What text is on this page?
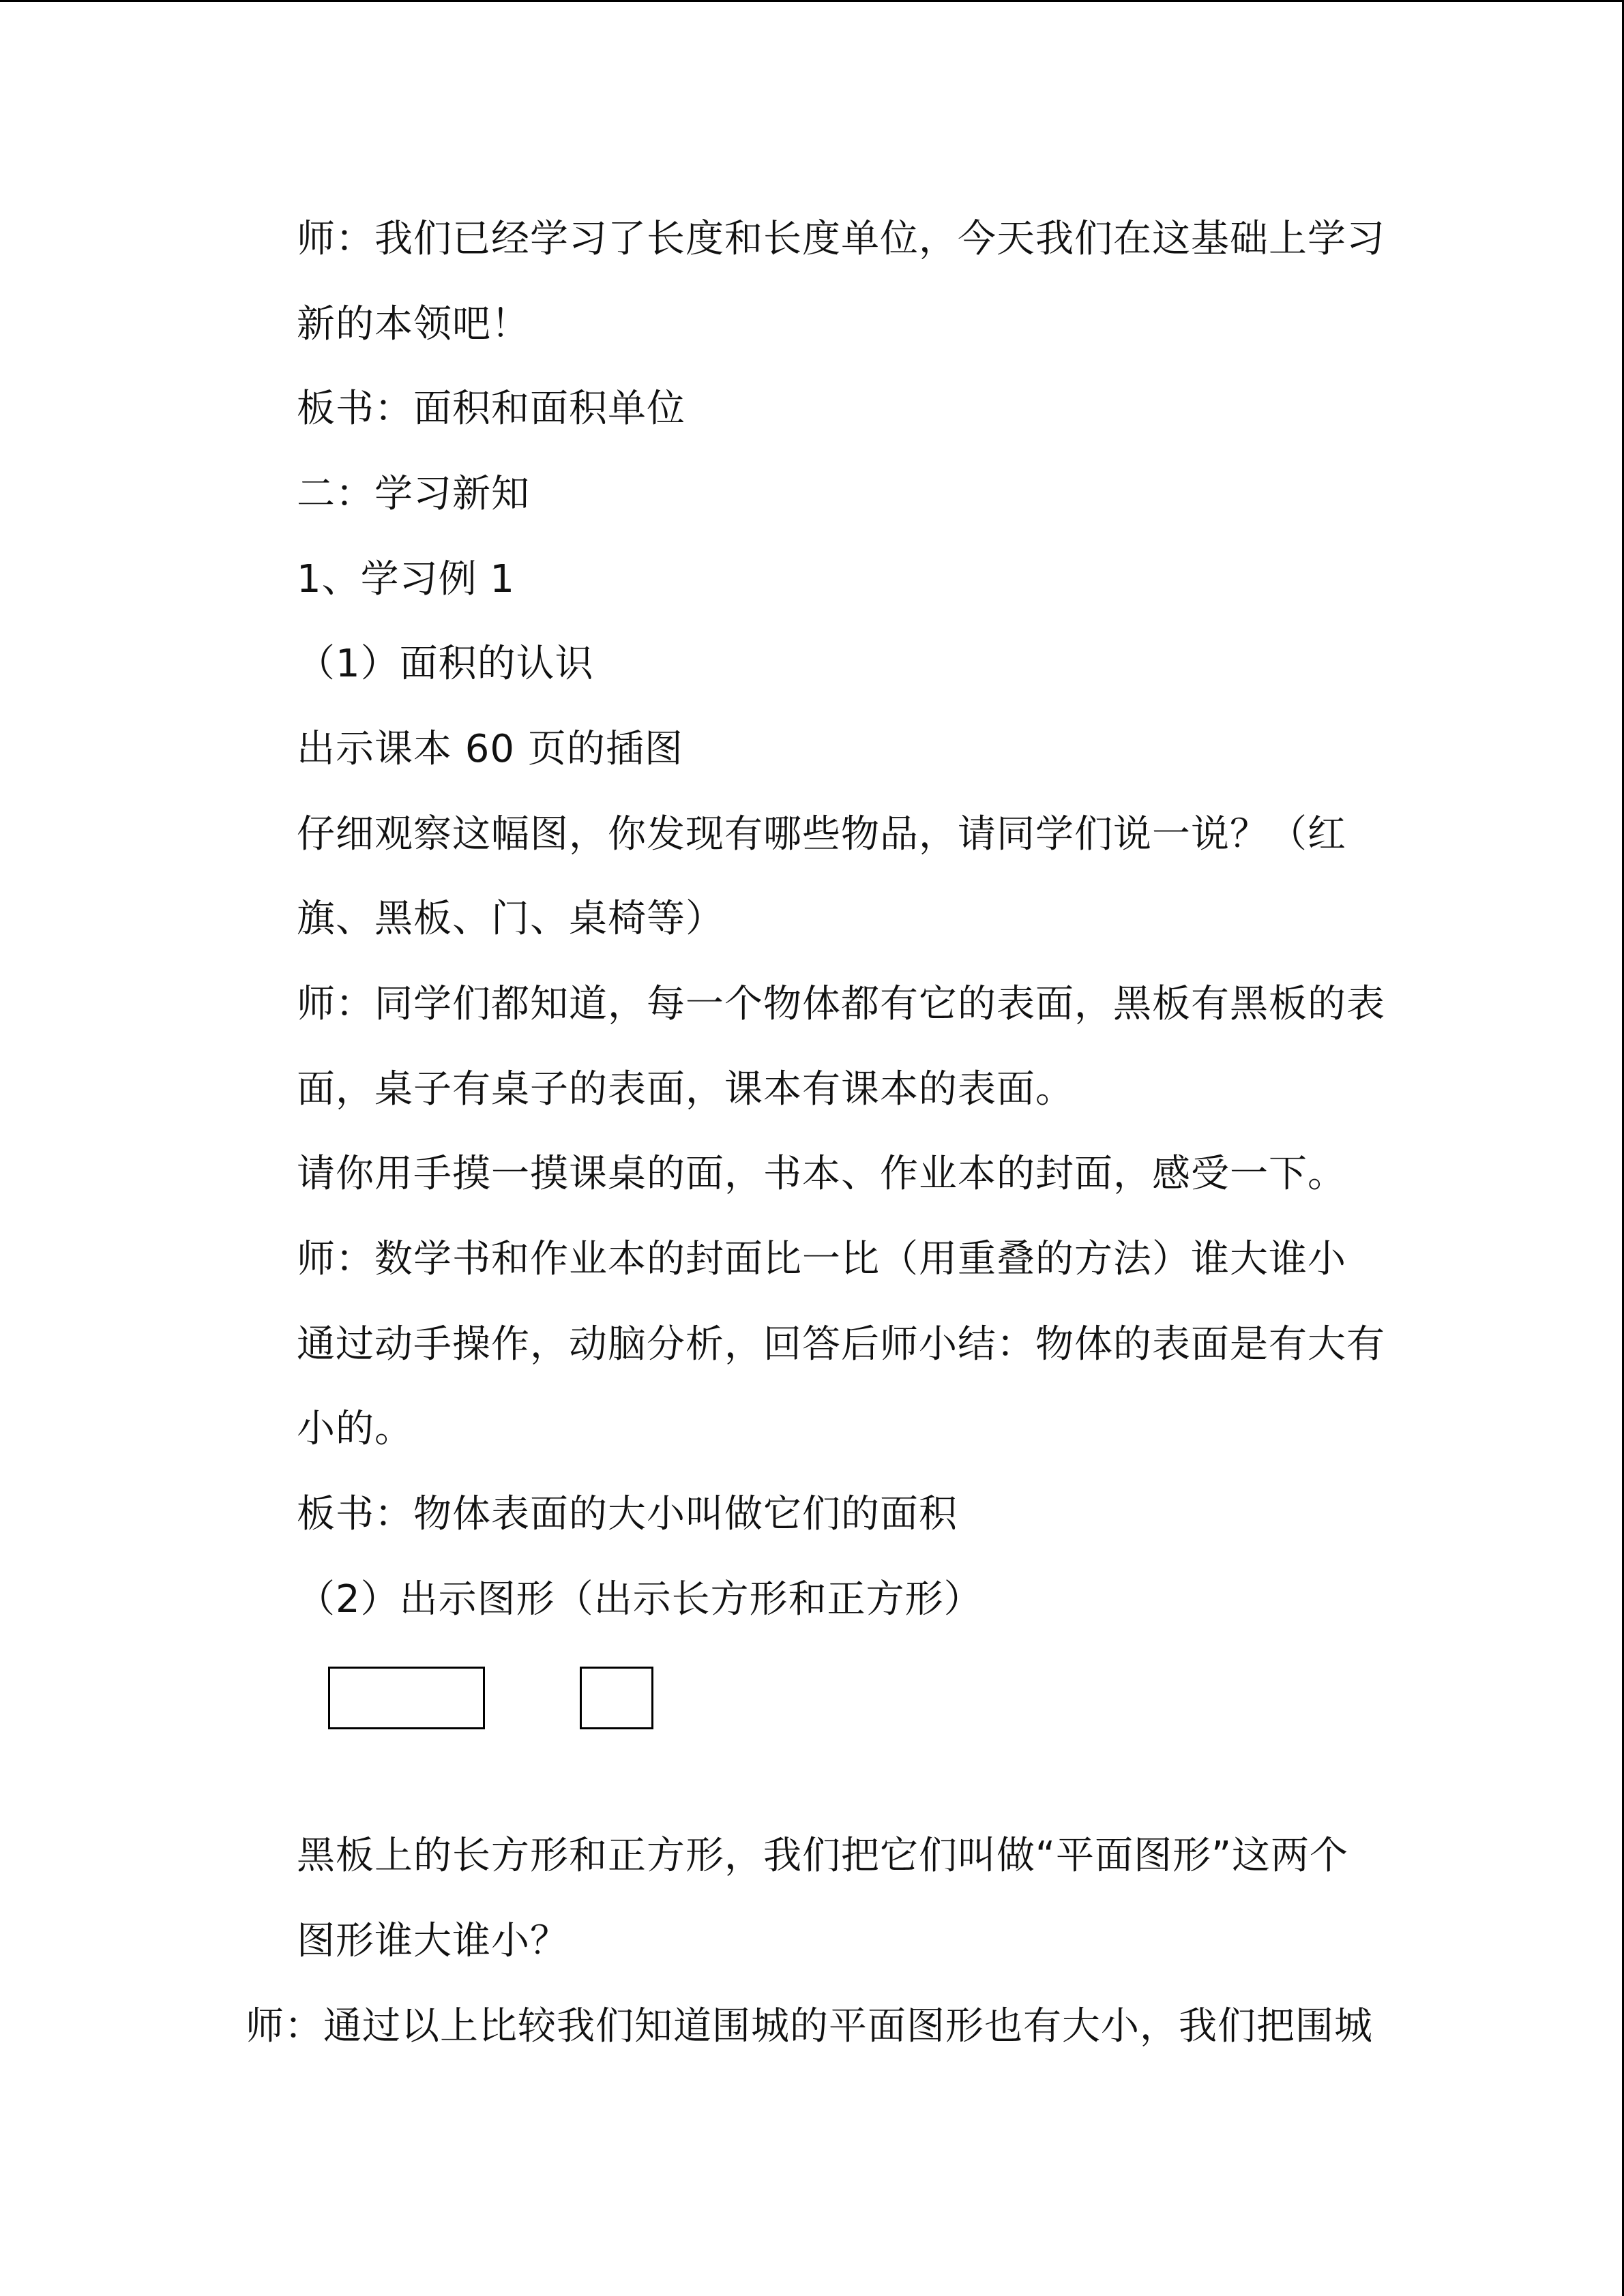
师：我们已经学习了长度和长度单位，今天我们在这基础上学习
新的本领吧！
板书：面积和面积单位
二：学习新知
1、学习例 1
（1）面积的认识
出示课本 60 页的插图
仔细观察这幅图，你发现有哪些物品，请同学们说一说？（红
旗、黑板、门、桌椅等）
师：同学们都知道，每一个物体都有它的表面，黑板有黑板的表
面，桌子有桌子的表面，课本有课本的表面。
请你用手摸一摸课桌的面，书本、作业本的封面，感受一下。
师：数学书和作业本的封面比一比（用重叠的方法）谁大谁小
通过动手操作，动脑分析，回答后师小结：物体的表面是有大有
小的。
板书：物体表面的大小叫做它们的面积
（2）出示图形（出示长方形和正方形）
黑板上的长方形和正方形，我们把它们叫做“平面图形”这两个
图形谁大谁小？
师：通过以上比较我们知道围城的平面图形也有大小，我们把围城
